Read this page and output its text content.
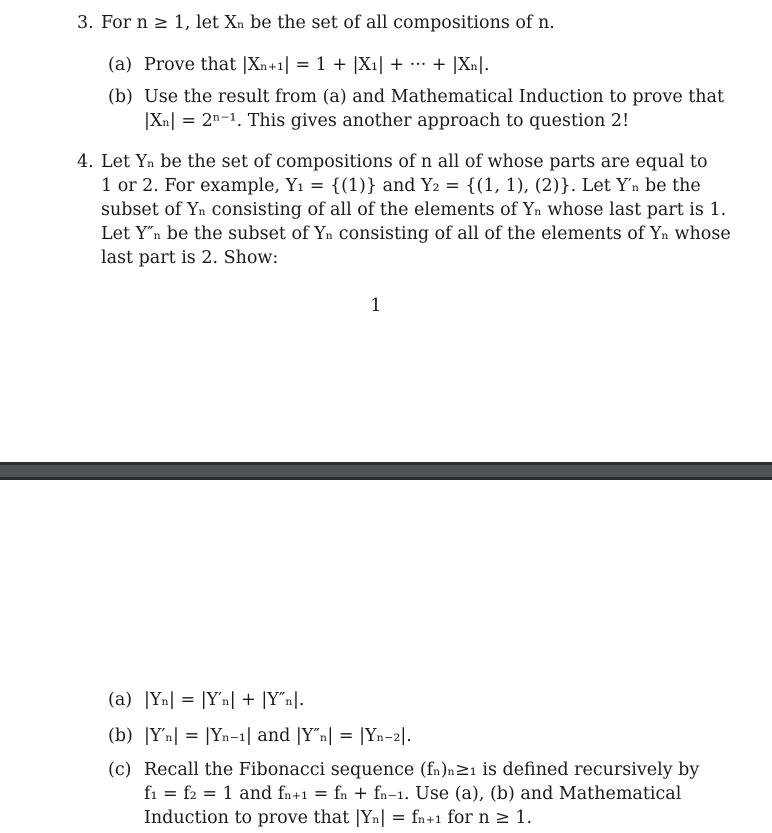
3. For n ≥ 1, let Xₙ be the set of all compositions of n.
(a) Prove that |Xₙ₊₁| = 1 + |X₁| + ··· + |Xₙ|.
(b) Use the result from (a) and Mathematical Induction to prove that
|Xₙ| = 2ⁿ⁻¹. This gives another approach to question 2!
4. Let Yₙ be the set of compositions of n all of whose parts are equal to
1 or 2. For example, Y₁ = {(1)} and Y₂ = {(1, 1), (2)}. Let Y′ₙ be the
subset of Yₙ consisting of all of the elements of Yₙ whose last part is 1.
Let Y″ₙ be the subset of Yₙ consisting of all of the elements of Yₙ whose
last part is 2. Show:
1
(a) |Yₙ| = |Y′ₙ| + |Y″ₙ|.
(b) |Y′ₙ| = |Yₙ₋₁| and |Y″ₙ| = |Yₙ₋₂|.
(c) Recall the Fibonacci sequence (fₙ)ₙ≥₁ is defined recursively by
f₁ = f₂ = 1 and fₙ₊₁ = fₙ + fₙ₋₁. Use (a), (b) and Mathematical
Induction to prove that |Yₙ| = fₙ₊₁ for n ≥ 1.
